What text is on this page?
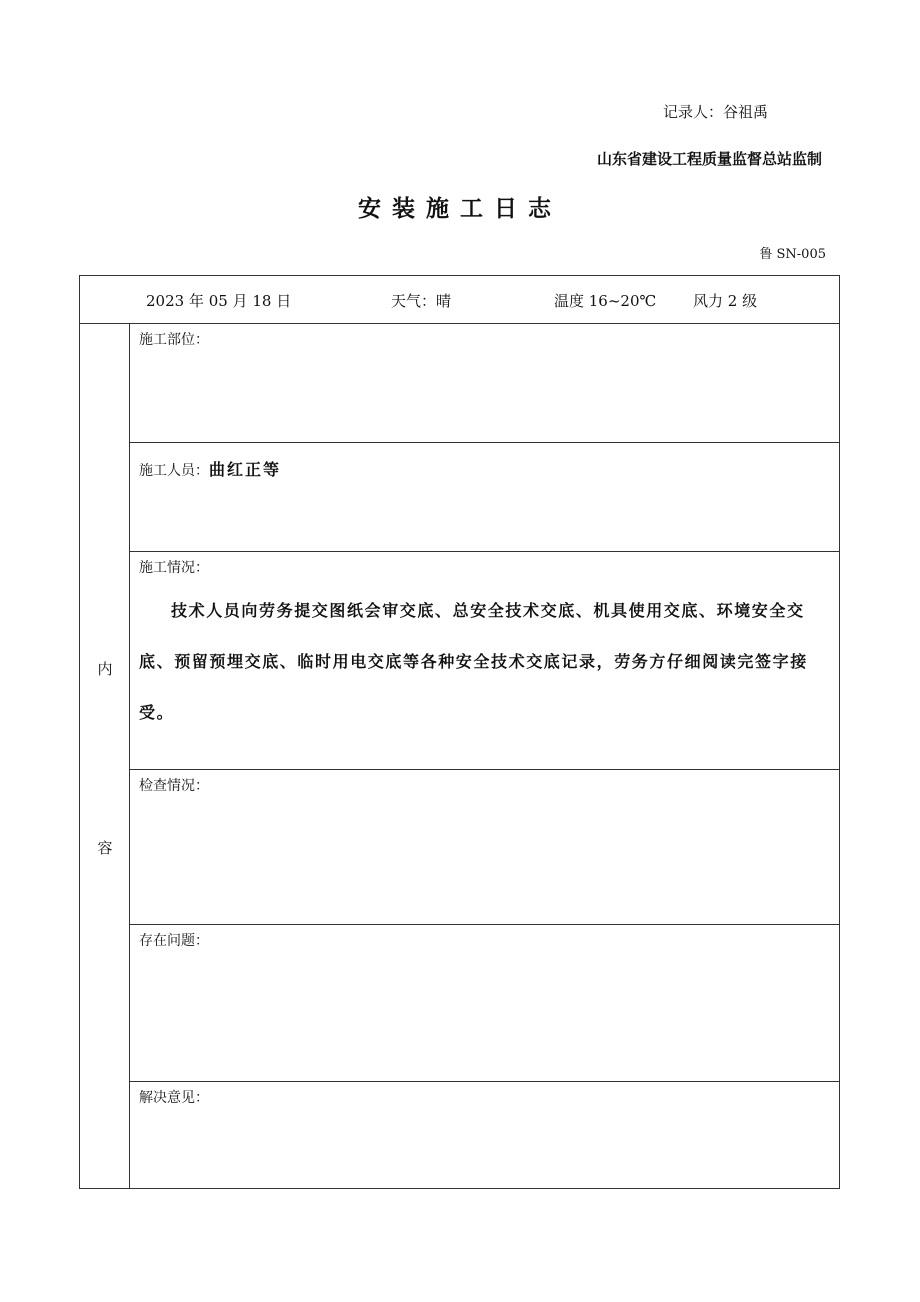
记录人：谷祖禹
山东省建设工程质量监督总站监制
安装施工日志
鲁 SN-005
2023 年 05 月 18 日	天气：晴	温度 16~20℃ 风力 2 级
内
容
施工部位：
施工人员：曲红正等
施工情况：
技术人员向劳务提交图纸会审交底、总安全技术交底、机具使用交底、环境安全交底、预留预埋交底、临时用电交底等各种安全技术交底记录，劳务方仔细阅读完签字接受。
检查情况：
存在问题：
解决意见：
